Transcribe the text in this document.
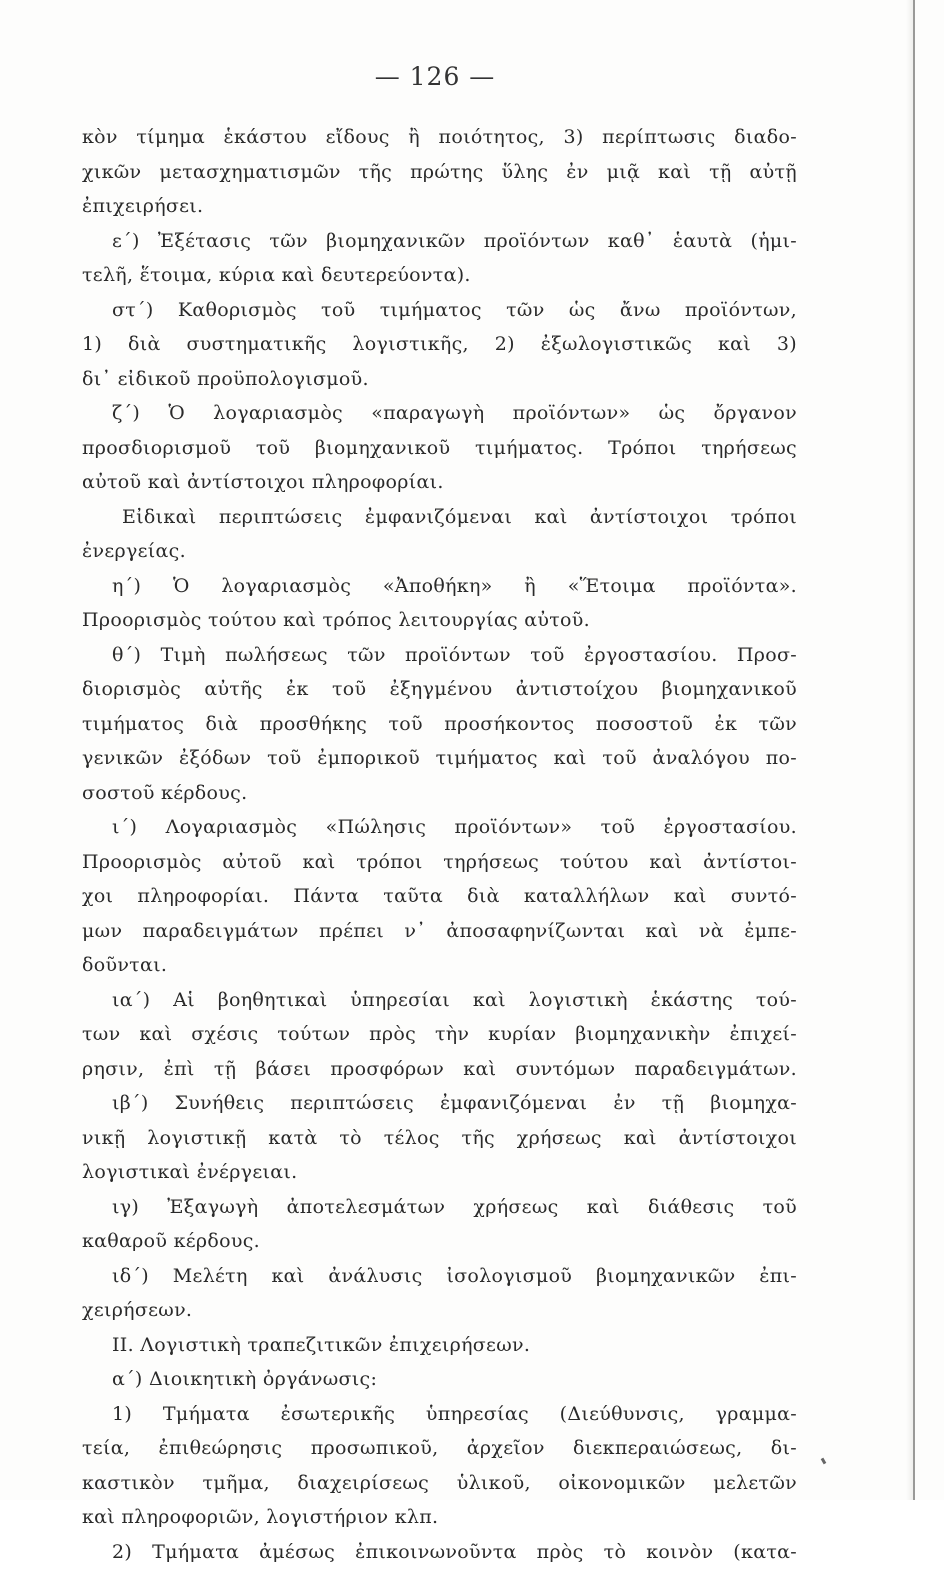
— 126 —
κὸν τίμημα ἑκάστου εἴδους ἢ ποιότητος, 3) περίπτωσις διαδο-
χικῶν μετασχηματισμῶν τῆς πρώτης ὕλης ἐν μιᾷ καὶ τῇ αὐτῇ
ἐπιχειρήσει.
ε΄) Ἐξέτασις τῶν βιομηχανικῶν προϊόντων καθ᾽ ἑαυτὰ (ἡμι-
τελῆ, ἕτοιμα, κύρια καὶ δευτερεύοντα).
στ΄) Καθορισμὸς τοῦ τιμήματος τῶν ὡς ἄνω προϊόντων,
1) διὰ συστηματικῆς λογιστικῆς, 2) ἐξωλογιστικῶς καὶ 3)
δι᾽ εἰδικοῦ προϋπολογισμοῦ.
ζ΄) Ὁ λογαριασμὸς «παραγωγὴ προϊόντων» ὡς ὄργανον
προσδιορισμοῦ τοῦ βιομηχανικοῦ τιμήματος. Τρόποι τηρήσεως
αὐτοῦ καὶ ἀντίστοιχοι πληροφορίαι.
Εἰδικαὶ περιπτώσεις ἐμφανιζόμεναι καὶ ἀντίστοιχοι τρόποι
ἐνεργείας.
η΄) Ὁ λογαριασμὸς «Ἀποθήκη» ἢ «Ἕτοιμα προϊόντα».
Προορισμὸς τούτου καὶ τρόπος λειτουργίας αὐτοῦ.
θ΄) Τιμὴ πωλήσεως τῶν προϊόντων τοῦ ἐργοστασίου. Προσ-
διορισμὸς αὐτῆς ἐκ τοῦ ἐξηγμένου ἀντιστοίχου βιομηχανικοῦ
τιμήματος διὰ προσθήκης τοῦ προσήκοντος ποσοστοῦ ἐκ τῶν
γενικῶν ἐξόδων τοῦ ἐμπορικοῦ τιμήματος καὶ τοῦ ἀναλόγου πο-
σοστοῦ κέρδους.
ι΄) Λογαριασμὸς «Πώλησις προϊόντων» τοῦ ἐργοστασίου.
Προορισμὸς αὐτοῦ καὶ τρόποι τηρήσεως τούτου καὶ ἀντίστοι-
χοι πληροφορίαι. Πάντα ταῦτα διὰ καταλλήλων καὶ συντό-
μων παραδειγμάτων πρέπει ν᾽ ἀποσαφηνίζωνται καὶ νὰ ἐμπε-
δοῦνται.
ια΄) Αἱ βοηθητικαὶ ὑπηρεσίαι καὶ λογιστικὴ ἑκάστης τού-
των καὶ σχέσις τούτων πρὸς τὴν κυρίαν βιομηχανικὴν ἐπιχεί-
ρησιν, ἐπὶ τῇ βάσει προσφόρων καὶ συντόμων παραδειγμάτων.
ιβ΄) Συνήθεις περιπτώσεις ἐμφανιζόμεναι ἐν τῇ βιομηχα-
νικῇ λογιστικῇ κατὰ τὸ τέλος τῆς χρήσεως καὶ ἀντίστοιχοι
λογιστικαὶ ἐνέργειαι.
ιγ) Ἐξαγωγὴ ἀποτελεσμάτων χρήσεως καὶ διάθεσις τοῦ
καθαροῦ κέρδους.
ιδ΄) Μελέτη καὶ ἀνάλυσις ἰσολογισμοῦ βιομηχανικῶν ἐπι-
χειρήσεων.
II. Λογιστικὴ τραπεζιτικῶν ἐπιχειρήσεων.
α΄) Διοικητικὴ ὀργάνωσις:
1) Τμήματα ἐσωτερικῆς ὑπηρεσίας (Διεύθυνσις, γραμμα-
τεία, ἐπιθεώρησις προσωπικοῦ, ἀρχεῖον διεκπεραιώσεως, δι-
καστικὸν τμῆμα, διαχειρίσεως ὑλικοῦ, οἰκονομικῶν μελετῶν
καὶ πληροφοριῶν, λογιστήριον κλπ.
2) Τμήματα ἀμέσως ἐπικοινωνοῦντα πρὸς τὸ κοινὸν (κατα-
